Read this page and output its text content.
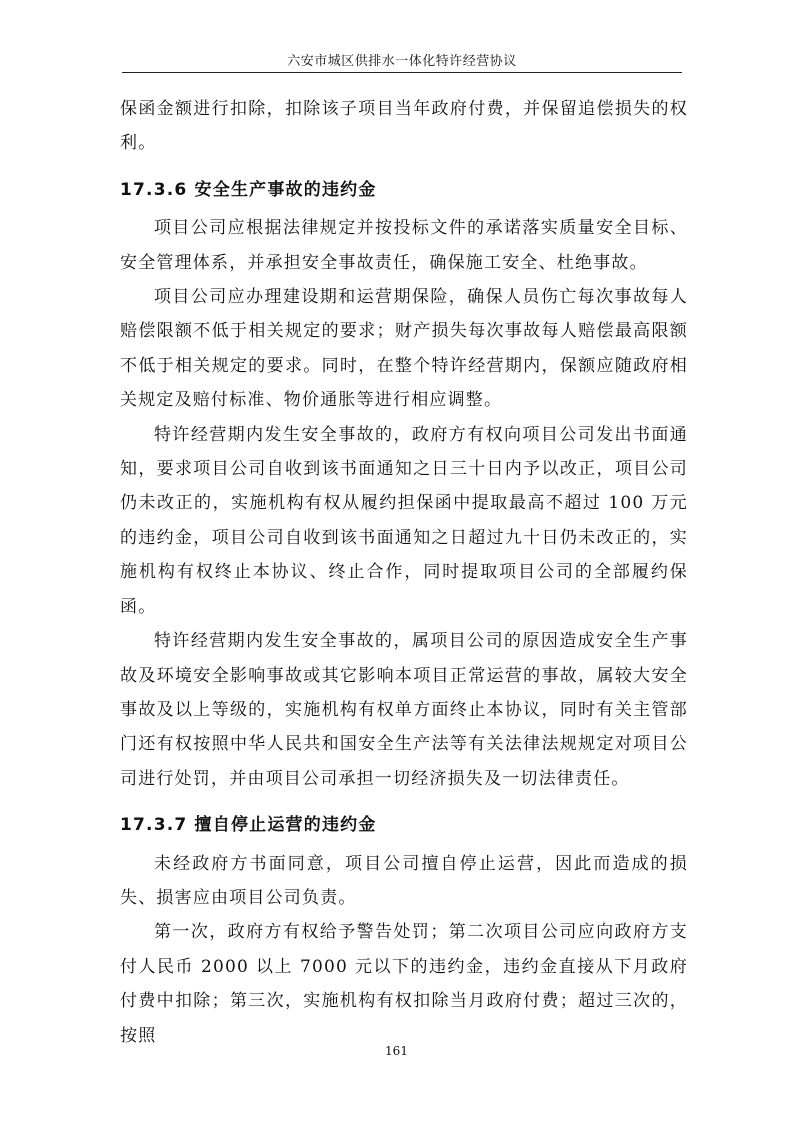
六安市城区供排水一体化特许经营协议

保函金额进行扣除，扣除该子项目当年政府付费，并保留追偿损失的权利。

17.3.6 安全生产事故的违约金

项目公司应根据法律规定并按投标文件的承诺落实质量安全目标、安全管理体系，并承担安全事故责任，确保施工安全、杜绝事故。

项目公司应办理建设期和运营期保险，确保人员伤亡每次事故每人赔偿限额不低于相关规定的要求；财产损失每次事故每人赔偿最高限额不低于相关规定的要求。同时，在整个特许经营期内，保额应随政府相关规定及赔付标准、物价通胀等进行相应调整。

特许经营期内发生安全事故的，政府方有权向项目公司发出书面通知，要求项目公司自收到该书面通知之日三十日内予以改正，项目公司仍未改正的，实施机构有权从履约担保函中提取最高不超过 100 万元的违约金，项目公司自收到该书面通知之日超过九十日仍未改正的，实施机构有权终止本协议、终止合作，同时提取项目公司的全部履约保函。

特许经营期内发生安全事故的，属项目公司的原因造成安全生产事故及环境安全影响事故或其它影响本项目正常运营的事故，属较大安全事故及以上等级的，实施机构有权单方面终止本协议，同时有关主管部门还有权按照中华人民共和国安全生产法等有关法律法规规定对项目公司进行处罚，并由项目公司承担一切经济损失及一切法律责任。

17.3.7 擅自停止运营的违约金

未经政府方书面同意，项目公司擅自停止运营，因此而造成的损失、损害应由项目公司负责。

第一次，政府方有权给予警告处罚；第二次项目公司应向政府方支付人民币 2000 以上 7000 元以下的违约金，违约金直接从下月政府付费中扣除；第三次，实施机构有权扣除当月政府付费；超过三次的，按照

161
